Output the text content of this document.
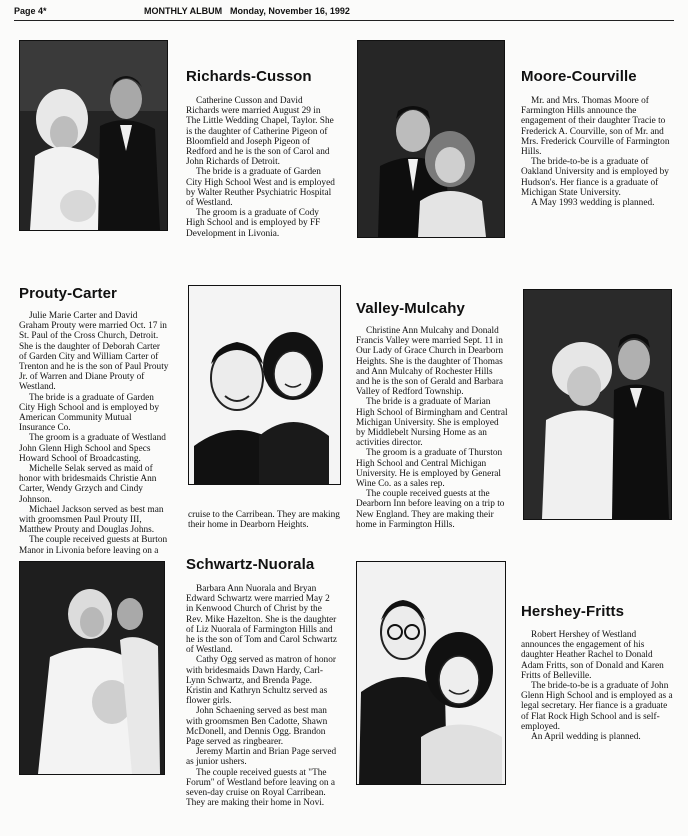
Page 4*	MONTHLY ALBUM Monday, November 16, 1992
Richards-Cusson

Catherine Cusson and David Richards were married August 29 in The Little Wedding Chapel, Taylor. She is the daughter of Catherine Pigeon of Bloomfield and Joseph Pigeon of Redford and he is the son of Carol and John Richards of Detroit.

The bride is a graduate of Garden City High School West and is employed by Walter Reuther Psychiatric Hospital of Westland.

The groom is a graduate of Cody High School and is employed by FF Development in Livonia.

Moore-Courville

Mr. and Mrs. Thomas Moore of Farmington Hills announce the engagement of their daughter Tracie to Frederick A. Courville, son of Mr. and Mrs. Frederick Courville of Farmington Hills.

The bride-to-be is a graduate of Oakland University and is employed by Hudson's. Her fiance is a graduate of Michigan State University.

A May 1993 wedding is planned.

Prouty-Carter

Julie Marie Carter and David Graham Prouty were married Oct. 17 in St. Paul of the Cross Church, Detroit. She is the daughter of Deborah Carter of Garden City and William Carter of Trenton and he is the son of Paul Prouty Jr. of Warren and Diane Prouty of Westland.

The bride is a graduate of Garden City High School and is employed by American Community Mutual Insurance Co.

The groom is a graduate of Westland John Glenn High School and Specs Howard School of Broadcasting.

Michelle Selak served as maid of honor with bridesmaids Christie Ann Carter, Wendy Grzych and Cindy Johnson.

Michael Jackson served as best man with groomsmen Paul Prouty III, Matthew Prouty and Douglas Johns.

The couple received guests at Burton Manor in Livonia before leaving on a

cruise to the Carribean. They are making their home in Dearborn Heights.

Valley-Mulcahy

Christine Ann Mulcahy and Donald Francis Valley were married Sept. 11 in Our Lady of Grace Church in Dearborn Heights. She is the daughter of Thomas and Ann Mulcahy of Rochester Hills and he is the son of Gerald and Barbara Valley of Redford Township.

The bride is a graduate of Marian High School of Birmingham and Central Michigan University. She is employed by Middlebelt Nursing Home as an activities director.

The groom is a graduate of Thurston High School and Central Michigan University. He is employed by General Wine Co. as a sales rep.

The couple received guests at the Dearborn Inn before leaving on a trip to New England. They are making their home in Farmington Hills.

Schwartz-Nuorala

Barbara Ann Nuorala and Bryan Edward Schwartz were married May 2 in Kenwood Church of Christ by the Rev. Mike Hazelton. She is the daughter of Liz Nuorala of Farmington Hills and he is the son of Tom and Carol Schwartz of Westland.

Cathy Ogg served as matron of honor with bridesmaids Dawn Hardy, Carl-Lynn Schwartz, and Brenda Page. Kristin and Kathryn Schultz served as flower girls.

John Schaening served as best man with groomsmen Ben Cadotte, Shawn McDonell, and Dennis Ogg. Brandon Page served as ringbearer.

Jeremy Martin and Brian Page served as junior ushers.

The couple received guests at "The Forum" of Westland before leaving on a seven-day cruise on Royal Carribean. They are making their home in Novi.

Hershey-Fritts

Robert Hershey of Westland announces the engagement of his daughter Heather Rachel to Donald Adam Fritts, son of Donald and Karen Fritts of Belleville.

The bride-to-be is a graduate of John Glenn High School and is employed as a legal secretary. Her fiance is a graduate of Flat Rock High School and is self-employed.

An April wedding is planned.
